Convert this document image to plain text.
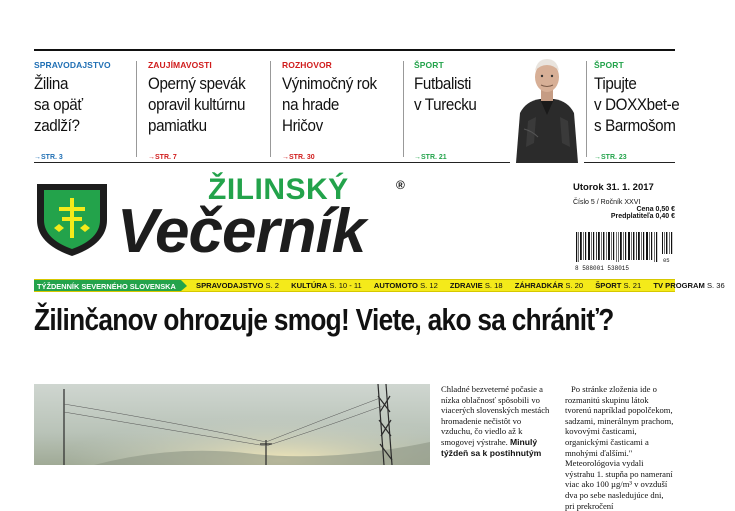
SPRAVODAJSTVO
Žilina
sa opäť
zadlží?
→STR. 3
ZAUJÍMAVOSTI
Operný spevák
opravil kultúrnu
pamiatku
→STR. 7
ROZHOVOR
Výnimočný rok
na hrade
Hričov
→STR. 30
ŠPORT
Futbalisti
v Turecku
→STR. 21
ŠPORT
Tipujte
v DOXXbet-e
s Barmošom
→STR. 23
ŽILINSKÝ	®
Večerník
Utorok 31. 1. 2017
Číslo 5 / Ročník XXVI
Cena 0,50 €
Predplatiteľa 0,40 €
8 588001 538015
05
TÝŽDENNÍK SEVERNÉHO SLOVENSKA	SPRAVODAJSTVO S. 2 KULTÚRA S. 10 - 11 AUTOMOTO S. 12 ZDRAVIE S. 18 ZÁHRADKÁR S. 20 ŠPORT S. 21 TV PROGRAM S. 36
Žilinčanov ohrozuje smog! Viete, ako sa chrániť?
Chladné bezveterné počasie a nízka oblačnosť spôsobili vo viacerých slovenských mestách hromadenie nečistôt vo vzduchu, čo viedlo až k smogovej výstrahe. Minulý týždeň sa k postihnutým
Po stránke zloženia ide o rozmanitú skupinu látok tvorenú napríklad popolčekom, sadzami, minerálnym prachom, kovovými časticami, organickými časticami a mnohými ďalšími." Meteorológovia vydali výstrahu 1. stupňa po nameraní viac ako 100 µg/m³ v ovzduší dva po sebe nasledujúce dni, pri prekročení
